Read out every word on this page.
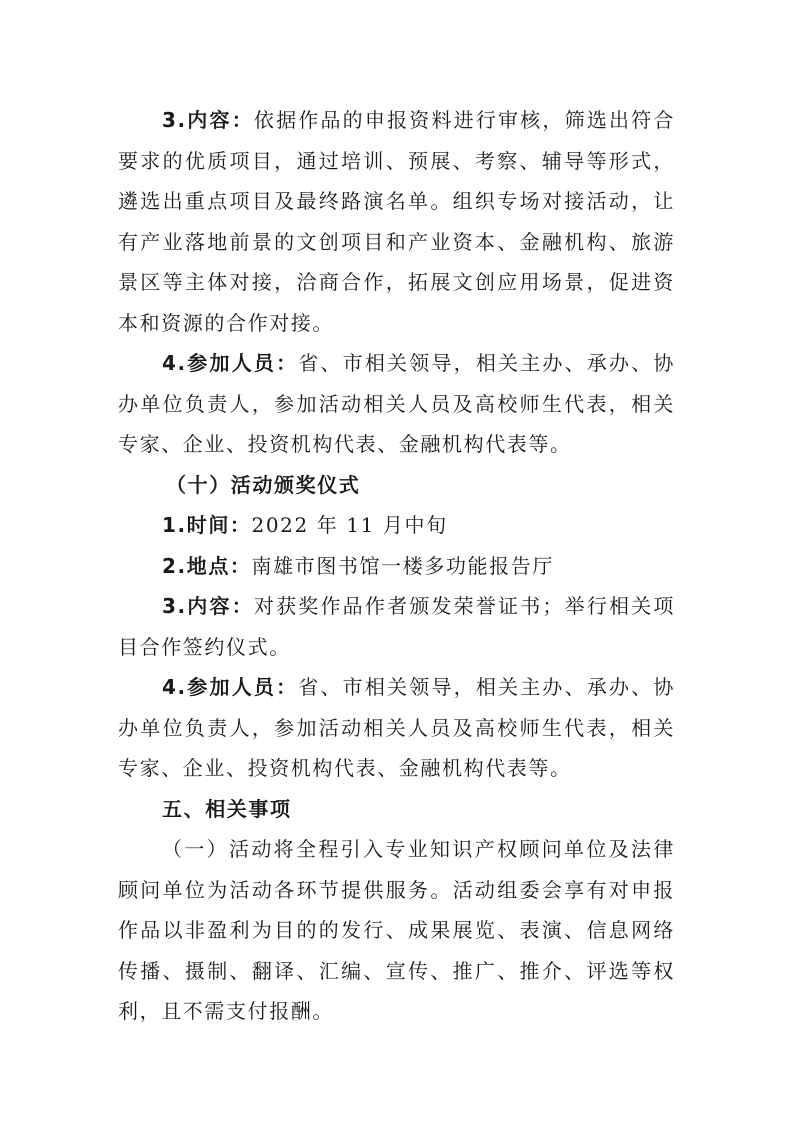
3.内容：依据作品的申报资料进行审核，筛选出符合要求的优质项目，通过培训、预展、考察、辅导等形式，遴选出重点项目及最终路演名单。组织专场对接活动，让有产业落地前景的文创项目和产业资本、金融机构、旅游景区等主体对接，洽商合作，拓展文创应用场景，促进资本和资源的合作对接。

4.参加人员：省、市相关领导，相关主办、承办、协办单位负责人，参加活动相关人员及高校师生代表，相关专家、企业、投资机构代表、金融机构代表等。

（十）活动颁奖仪式

1.时间：2022 年 11 月中旬

2.地点：南雄市图书馆一楼多功能报告厅

3.内容：对获奖作品作者颁发荣誉证书；举行相关项目合作签约仪式。

4.参加人员：省、市相关领导，相关主办、承办、协办单位负责人，参加活动相关人员及高校师生代表，相关专家、企业、投资机构代表、金融机构代表等。

五、相关事项

（一）活动将全程引入专业知识产权顾问单位及法律顾问单位为活动各环节提供服务。活动组委会享有对申报作品以非盈利为目的的发行、成果展览、表演、信息网络传播、摄制、翻译、汇编、宣传、推广、推介、评选等权利，且不需支付报酬。
